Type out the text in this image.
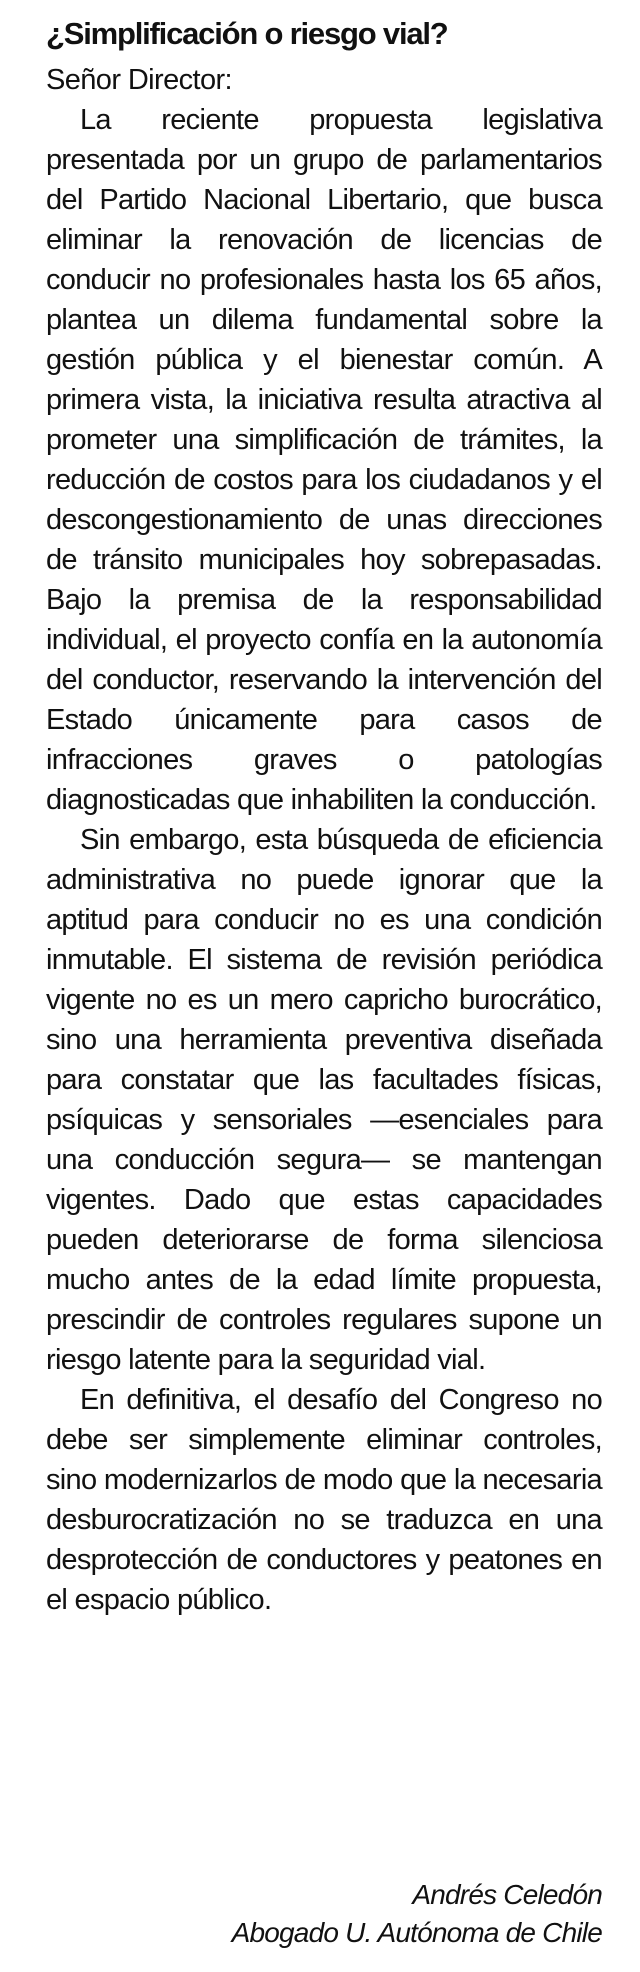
¿Simplificación o riesgo vial?

Señor Director:

La reciente propuesta legislativa presentada por un grupo de parlamentarios del Partido Nacional Libertario, que busca eliminar la renovación de licencias de conducir no profesionales hasta los 65 años, plantea un dilema fundamental sobre la gestión pública y el bienestar común. A primera vista, la iniciativa resulta atractiva al prometer una simplificación de trámites, la reducción de costos para los ciudadanos y el descongestionamiento de unas direcciones de tránsito municipales hoy sobrepasadas. Bajo la premisa de la responsabilidad individual, el proyecto confía en la autonomía del conductor, reservando la intervención del Estado únicamente para casos de infracciones graves o patologías diagnosticadas que inhabiliten la conducción.

Sin embargo, esta búsqueda de eficiencia administrativa no puede ignorar que la aptitud para conducir no es una condición inmutable. El sistema de revisión periódica vigente no es un mero capricho burocrático, sino una herramienta preventiva diseñada para constatar que las facultades físicas, psíquicas y sensoriales —esenciales para una conducción segura— se mantengan vigentes. Dado que estas capacidades pueden deteriorarse de forma silenciosa mucho antes de la edad límite propuesta, prescindir de controles regulares supone un riesgo latente para la seguridad vial.

En definitiva, el desafío del Congreso no debe ser simplemente eliminar controles, sino modernizarlos de modo que la necesaria desburocratización no se traduzca en una desprotección de conductores y peatones en el espacio público.

Andrés Celedón
Abogado U. Autónoma de Chile
